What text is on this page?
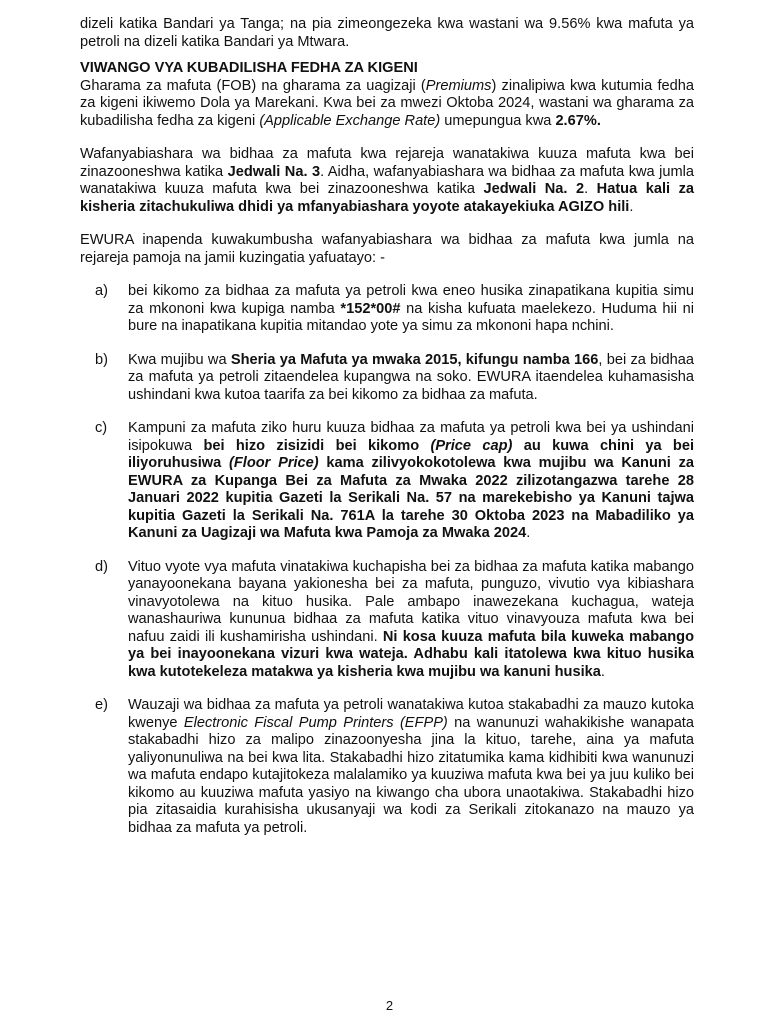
dizeli katika Bandari ya Tanga; na pia zimeongezeka kwa wastani wa 9.56% kwa mafuta ya petroli na dizeli katika Bandari ya Mtwara.

VIWANGO VYA KUBADILISHA FEDHA ZA KIGENI

Gharama za mafuta (FOB) na gharama za uagizaji (Premiums) zinalipiwa kwa kutumia fedha za kigeni ikiwemo Dola ya Marekani. Kwa bei za mwezi Oktoba 2024, wastani wa gharama za kubadilisha fedha za kigeni (Applicable Exchange Rate) umepungua kwa 2.67%.

Wafanyabiashara wa bidhaa za mafuta kwa rejareja wanatakiwa kuuza mafuta kwa bei zinazooneshwa katika Jedwali Na. 3. Aidha, wafanyabiashara wa bidhaa za mafuta kwa jumla wanatakiwa kuuza mafuta kwa bei zinazooneshwa katika Jedwali Na. 2. Hatua kali za kisheria zitachukuliwa dhidi ya mfanyabiashara yoyote atakayekiuka AGIZO hili.

EWURA inapenda kuwakumbusha wafanyabiashara wa bidhaa za mafuta kwa jumla na rejareja pamoja na jamii kuzingatia yafuatayo: -

a) bei kikomo za bidhaa za mafuta ya petroli kwa eneo husika zinapatikana kupitia simu za mkononi kwa kupiga namba *152*00# na kisha kufuata maelekezo. Huduma hii ni bure na inapatikana kupitia mitandao yote ya simu za mkononi hapa nchini.
b) Kwa mujibu wa Sheria ya Mafuta ya mwaka 2015, kifungu namba 166, bei za bidhaa za mafuta ya petroli zitaendelea kupangwa na soko. EWURA itaendelea kuhamasisha ushindani kwa kutoa taarifa za bei kikomo za bidhaa za mafuta.
c) Kampuni za mafuta ziko huru kuuza bidhaa za mafuta ya petroli kwa bei ya ushindani isipokuwa bei hizo zisizidi bei kikomo (Price cap) au kuwa chini ya bei iliyoruhusiwa (Floor Price) kama zilivyokokotolewa kwa mujibu wa Kanuni za EWURA za Kupanga Bei za Mafuta za Mwaka 2022 zilizotangazwa tarehe 28 Januari 2022 kupitia Gazeti la Serikali Na. 57 na marekebisho ya Kanuni tajwa kupitia Gazeti la Serikali Na. 761A la tarehe 30 Oktoba 2023 na Mabadiliko ya Kanuni za Uagizaji wa Mafuta kwa Pamoja za Mwaka 2024.
d) Vituo vyote vya mafuta vinatakiwa kuchapisha bei za bidhaa za mafuta katika mabango yanayoonekana bayana yakionesha bei za mafuta, punguzo, vivutio vya kibiashara vinavyotolewa na kituo husika. Pale ambapo inawezekana kuchagua, wateja wanashauriwa kununua bidhaa za mafuta katika vituo vinavyouza mafuta kwa bei nafuu zaidi ili kushamirisha ushindani. Ni kosa kuuza mafuta bila kuweka mabango ya bei inayoonekana vizuri kwa wateja. Adhabu kali itatolewa kwa kituo husika kwa kutotekeleza matakwa ya kisheria kwa mujibu wa kanuni husika.
e) Wauzaji wa bidhaa za mafuta ya petroli wanatakiwa kutoa stakabadhi za mauzo kutoka kwenye Electronic Fiscal Pump Printers (EFPP) na wanunuzi wahakikishe wanapata stakabadhi hizo za malipo zinazoonyesha jina la kituo, tarehe, aina ya mafuta yaliyonunuliwa na bei kwa lita. Stakabadhi hizo zitatumika kama kidhibiti kwa wanunuzi wa mafuta endapo kutajitokeza malalamiko ya kuuziwa mafuta kwa bei ya juu kuliko bei kikomo au kuuziwa mafuta yasiyo na kiwango cha ubora unaotakiwa. Stakabadhi hizo pia zitasaidia kurahisisha ukusanyaji wa kodi za Serikali zitokanazo na mauzo ya bidhaa za mafuta ya petroli.
2
